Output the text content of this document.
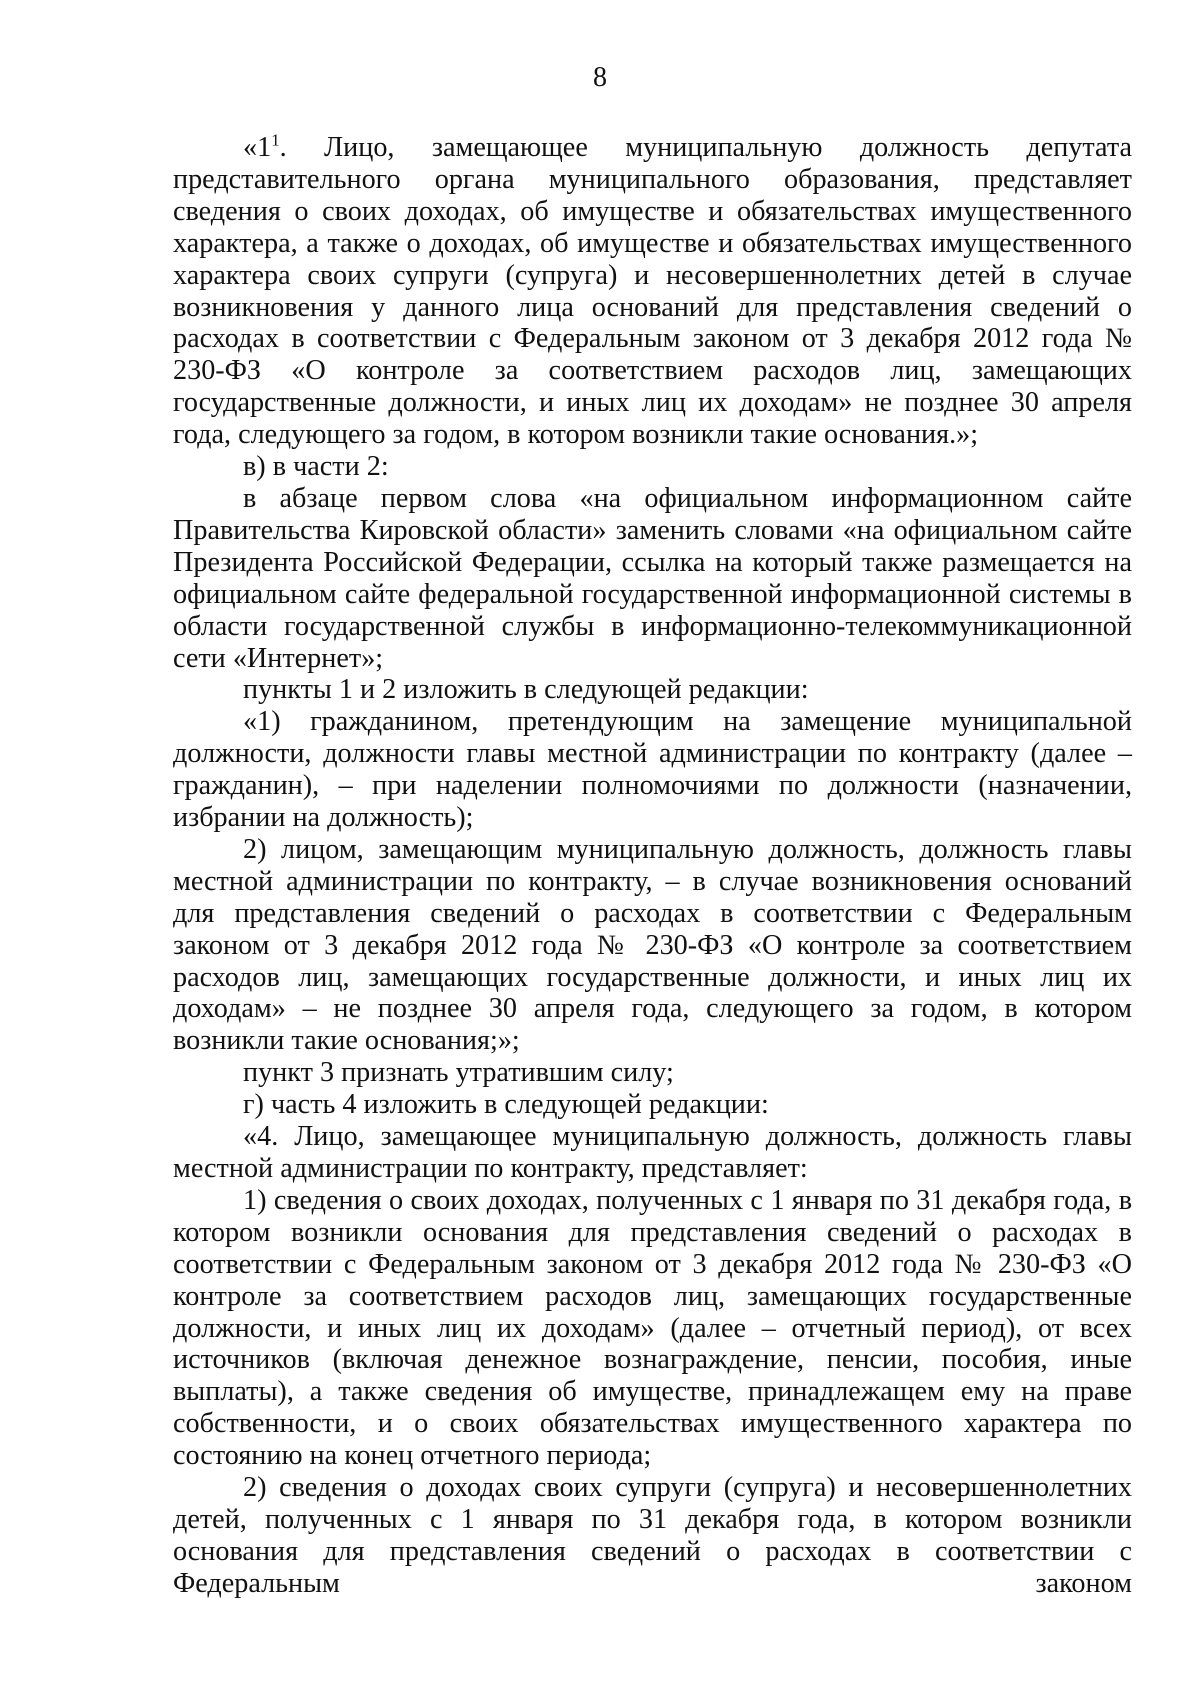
8

«$1^1$. Лицо, замещающее муниципальную должность депутата представительного органа муниципального образования, представляет сведения о своих доходах, об имуществе и обязательствах имущественного характера, а также о доходах, об имуществе и обязательствах имущественного характера своих супруги (супруга) и несовершеннолетних детей в случае возникновения у данного лица оснований для представления сведений о расходах в соответствии с Федеральным законом от 3 декабря 2012 года № 230-ФЗ «О контроле за соответствием расходов лиц, замещающих государственные должности, и иных лиц их доходам» не позднее 30 апреля года, следующего за годом, в котором возникли такие основания.»;

в) в части 2:

в абзаце первом слова «на официальном информационном сайте Правительства Кировской области» заменить словами «на официальном сайте Президента Российской Федерации, ссылка на который также размещается на официальном сайте федеральной государственной информационной системы в области государственной службы в информационно-телекоммуникационной сети «Интернет»;

пункты 1 и 2 изложить в следующей редакции:

«1) гражданином, претендующим на замещение муниципальной должности, должности главы местной администрации по контракту (далее – гражданин), – при наделении полномочиями по должности (назначении, избрании на должность);

2) лицом, замещающим муниципальную должность, должность главы местной администрации по контракту, – в случае возникновения оснований для представления сведений о расходах в соответствии с Федеральным законом от 3 декабря 2012 года № 230-ФЗ «О контроле за соответствием расходов лиц, замещающих государственные должности, и иных лиц их доходам» – не позднее 30 апреля года, следующего за годом, в котором возникли такие основания;»;

пункт 3 признать утратившим силу;

г) часть 4 изложить в следующей редакции:

«4. Лицо, замещающее муниципальную должность, должность главы местной администрации по контракту, представляет:

1) сведения о своих доходах, полученных с 1 января по 31 декабря года, в котором возникли основания для представления сведений о расходах в соответствии с Федеральным законом от 3 декабря 2012 года № 230-ФЗ «О контроле за соответствием расходов лиц, замещающих государственные должности, и иных лиц их доходам» (далее – отчетный период), от всех источников (включая денежное вознаграждение, пенсии, пособия, иные выплаты), а также сведения об имуществе, принадлежащем ему на праве собственности, и о своих обязательствах имущественного характера по состоянию на конец отчетного периода;

2) сведения о доходах своих супруги (супруга) и несовершеннолетних детей, полученных с 1 января по 31 декабря года, в котором возникли основания для представления сведений о расходах в соответствии с Федеральным законом
